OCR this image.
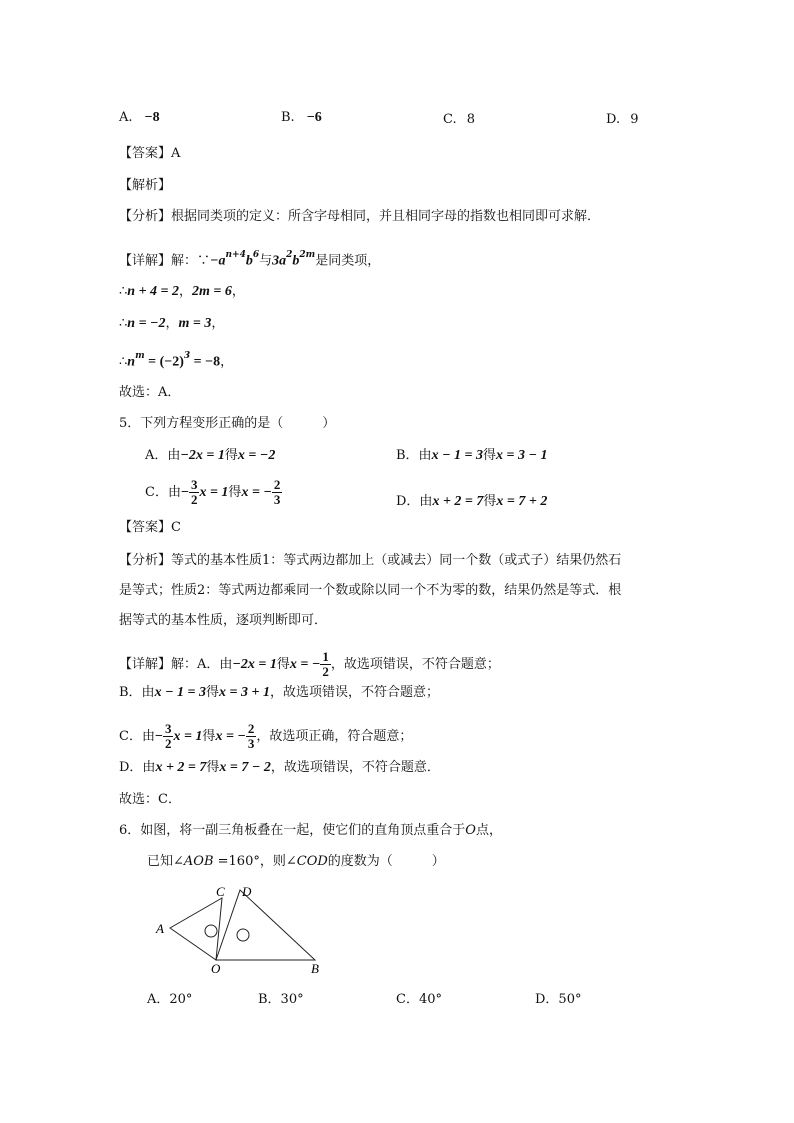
A. −8	B. −6	C. 8	D. 9
【答案】A
【解析】
【分析】根据同类项的定义：所含字母相同，并且相同字母的指数也相同即可求解．
【详解】解：$\because-a^{n+4}b^6$与$3a^2b^{2m}$是同类项，
∴n + 4 = 2，2m = 6，
∴n = −2，m = 3，
$\therefore n^m = (-2)^3 = -8$，
故选：A．
5．下列方程变形正确的是（　　　）
A．由−2x = 1得x = −2	B．由x − 1 = 3得x = 3 − 1
C．由− $\frac{3}{2}$ x = 1得x = − $\frac{2}{3}$	D．由x + 2 = 7得x = 7 + 2
【答案】C
【分析】等式的基本性质1：等式两边都加上（或减去）同一个数（或式子）结果仍然石
是等式；性质2：等式两边都乘同一个数或除以同一个不为零的数，结果仍然是等式．根
据等式的基本性质，逐项判断即可．
【详解】解：A．由−2x = 1得x = − $\frac{1}{2}$ ，故选项错误，不符合题意；
B．由x − 1 = 3得x = 3 + 1，故选项错误，不符合题意；
C．由− $\frac{3}{2}$ x = 1得x = − $\frac{2}{3}$ ，故选项正确，符合题意；
D．由x + 2 = 7得x = 7 − 2，故选项错误，不符合题意．
故选：C．
6．如图，将一副三角板叠在一起，使它们的直角顶点重合于O点，
已知∠AOB =160°，则∠COD的度数为（　　　）
A
C D
O	B
A．20°	B．30°	C．40°	D．50°
